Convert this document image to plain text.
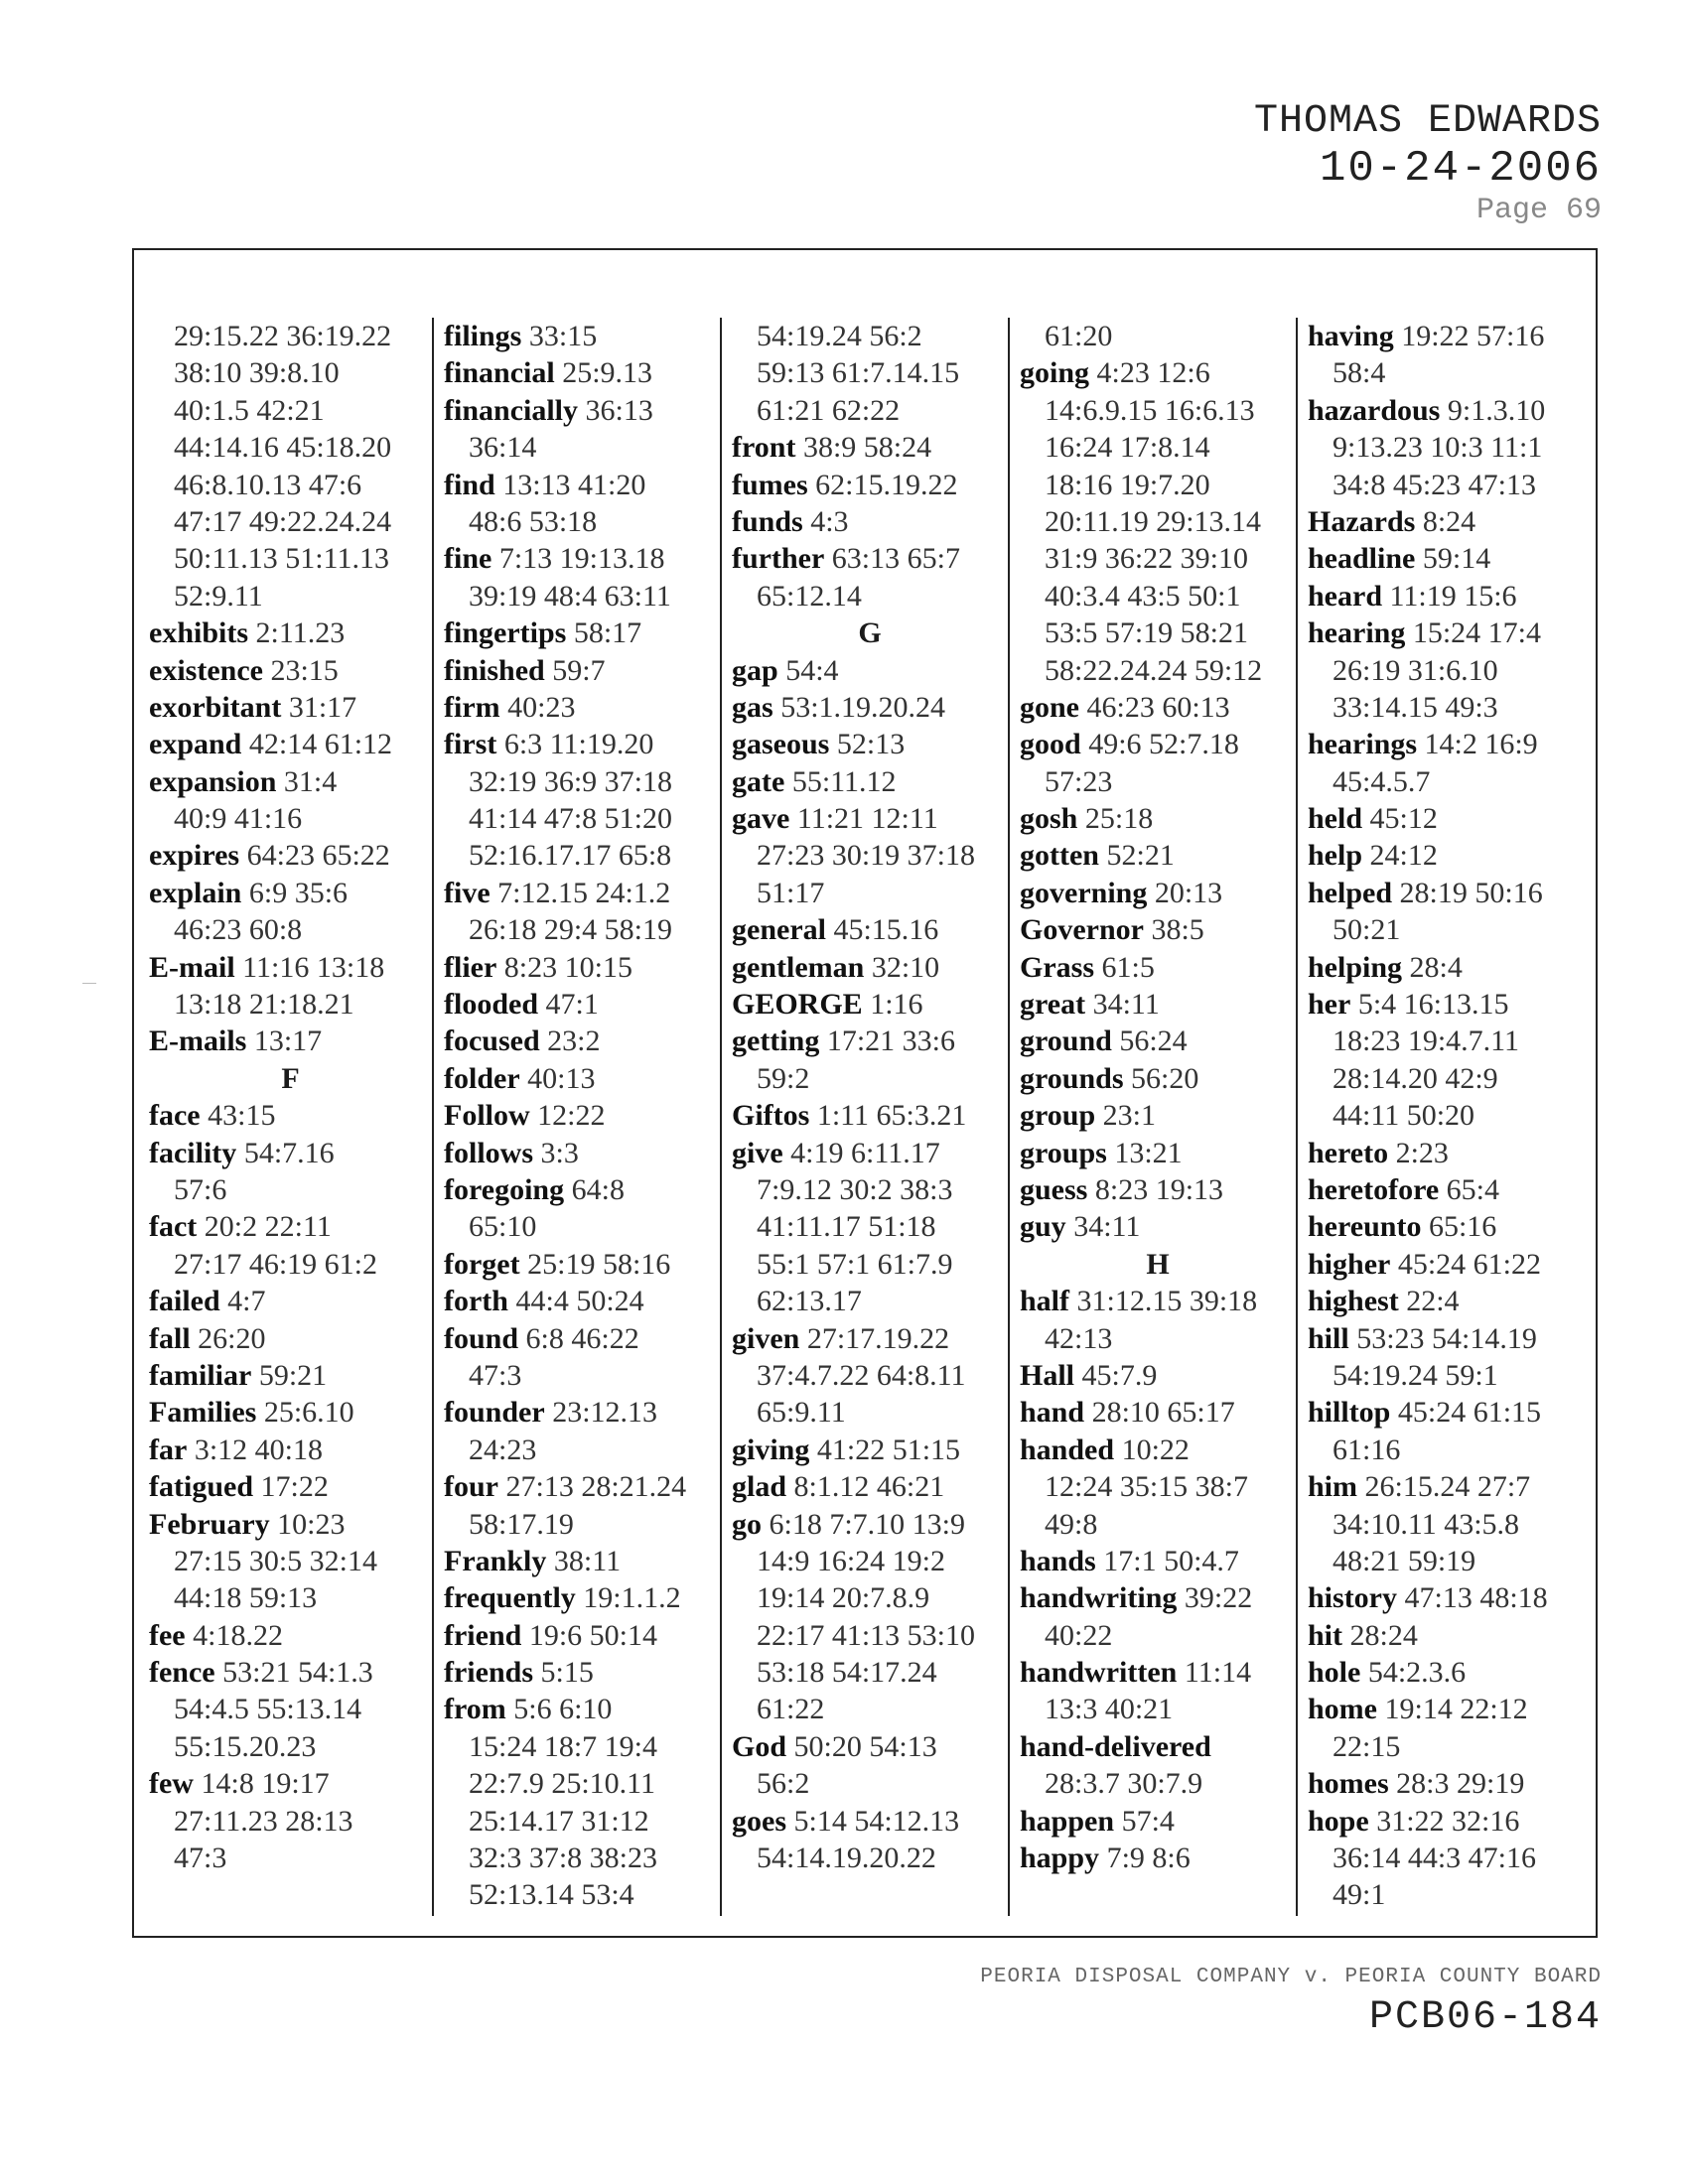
THOMAS EDWARDS
10-24-2006
Page 69
29:15.22 36:19.22
38:10 39:8.10
40:1.5 42:21
44:14.16 45:18.20
46:8.10.13 47:6
47:17 49:22.24.24
50:11.13 51:11.13
52:9.11
exhibits 2:11.23
existence 23:15
exorbitant 31:17
expand 42:14 61:12
expansion 31:4
40:9 41:16
expires 64:23 65:22
explain 6:9 35:6
46:23 60:8
E-mail 11:16 13:18
13:18 21:18.21
E-mails 13:17
F
face 43:15
facility 54:7.16
57:6
fact 20:2 22:11
27:17 46:19 61:2
failed 4:7
fall 26:20
familiar 59:21
Families 25:6.10
far 3:12 40:18
fatigued 17:22
February 10:23
27:15 30:5 32:14
44:18 59:13
fee 4:18.22
fence 53:21 54:1.3
54:4.5 55:13.14
55:15.20.23
few 14:8 19:17
27:11.23 28:13
47:3
filings 33:15
financial 25:9.13
financially 36:13
36:14
find 13:13 41:20
48:6 53:18
fine 7:13 19:13.18
39:19 48:4 63:11
fingertips 58:17
finished 59:7
firm 40:23
first 6:3 11:19.20
32:19 36:9 37:18
41:14 47:8 51:20
52:16.17.17 65:8
five 7:12.15 24:1.2
26:18 29:4 58:19
flier 8:23 10:15
flooded 47:1
focused 23:2
folder 40:13
Follow 12:22
follows 3:3
foregoing 64:8
65:10
forget 25:19 58:16
forth 44:4 50:24
found 6:8 46:22
47:3
founder 23:12.13
24:23
four 27:13 28:21.24
58:17.19
Frankly 38:11
frequently 19:1.1.2
friend 19:6 50:14
friends 5:15
from 5:6 6:10
15:24 18:7 19:4
22:7.9 25:10.11
25:14.17 31:12
32:3 37:8 38:23
52:13.14 53:4
54:19.24 56:2
59:13 61:7.14.15
61:21 62:22
front 38:9 58:24
fumes 62:15.19.22
funds 4:3
further 63:13 65:7
65:12.14
G
gap 54:4
gas 53:1.19.20.24
gaseous 52:13
gate 55:11.12
gave 11:21 12:11
27:23 30:19 37:18
51:17
general 45:15.16
gentleman 32:10
GEORGE 1:16
getting 17:21 33:6
59:2
Giftos 1:11 65:3.21
give 4:19 6:11.17
7:9.12 30:2 38:3
41:11.17 51:18
55:1 57:1 61:7.9
62:13.17
given 27:17.19.22
37:4.7.22 64:8.11
65:9.11
giving 41:22 51:15
glad 8:1.12 46:21
go 6:18 7:7.10 13:9
14:9 16:24 19:2
19:14 20:7.8.9
22:17 41:13 53:10
53:18 54:17.24
61:22
God 50:20 54:13
56:2
goes 5:14 54:12.13
54:14.19.20.22
61:20
going 4:23 12:6
14:6.9.15 16:6.13
16:24 17:8.14
18:16 19:7.20
20:11.19 29:13.14
31:9 36:22 39:10
40:3.4 43:5 50:1
53:5 57:19 58:21
58:22.24.24 59:12
gone 46:23 60:13
good 49:6 52:7.18
57:23
gosh 25:18
gotten 52:21
governing 20:13
Governor 38:5
Grass 61:5
great 34:11
ground 56:24
grounds 56:20
group 23:1
groups 13:21
guess 8:23 19:13
guy 34:11
H
half 31:12.15 39:18
42:13
Hall 45:7.9
hand 28:10 65:17
handed 10:22
12:24 35:15 38:7
49:8
hands 17:1 50:4.7
handwriting 39:22
40:22
handwritten 11:14
13:3 40:21
hand-delivered
28:3.7 30:7.9
happen 57:4
happy 7:9 8:6
having 19:22 57:16
58:4
hazardous 9:1.3.10
9:13.23 10:3 11:1
34:8 45:23 47:13
Hazards 8:24
headline 59:14
heard 11:19 15:6
hearing 15:24 17:4
26:19 31:6.10
33:14.15 49:3
hearings 14:2 16:9
45:4.5.7
held 45:12
help 24:12
helped 28:19 50:16
50:21
helping 28:4
her 5:4 16:13.15
18:23 19:4.7.11
28:14.20 42:9
44:11 50:20
hereto 2:23
heretofore 65:4
hereunto 65:16
higher 45:24 61:22
highest 22:4
hill 53:23 54:14.19
54:19.24 59:1
hilltop 45:24 61:15
61:16
him 26:15.24 27:7
34:10.11 43:5.8
48:21 59:19
history 47:13 48:18
hit 28:24
hole 54:2.3.6
home 19:14 22:12
22:15
homes 28:3 29:19
hope 31:22 32:16
36:14 44:3 47:16
49:1
PEORIA DISPOSAL COMPANY v. PEORIA COUNTY BOARD
PCB06-184
